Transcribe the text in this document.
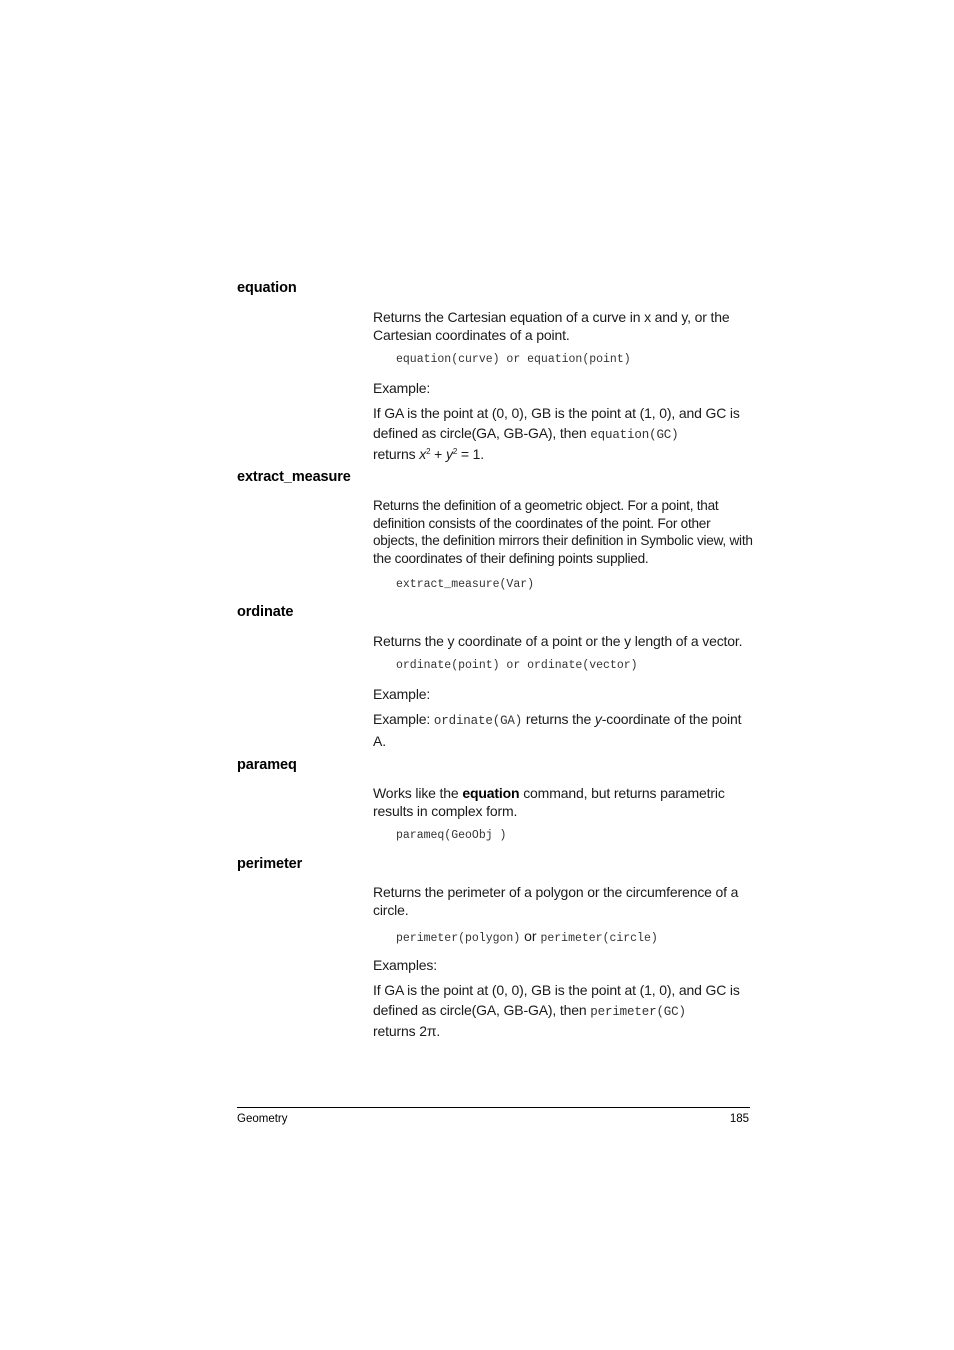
equation

Returns the Cartesian equation of a curve in x and y, or the Cartesian coordinates of a point.

equation(curve) or equation(point)

Example:

If GA is the point at (0, 0), GB is the point at (1, 0), and GC is defined as circle(GA, GB-GA), then equation(GC)
returns $x^2 + y^2 = 1$.

extract_measure

Returns the definition of a geometric object. For a point, that definition consists of the coordinates of the point. For other objects, the definition mirrors their definition in Symbolic view, with the coordinates of their defining points supplied.

extract_measure(Var)

ordinate

Returns the y coordinate of a point or the y length of a vector.

ordinate(point) or ordinate(vector)

Example:

Example: ordinate(GA) returns the y-coordinate of the point A.

parameq

Works like the equation command, but returns parametric results in complex form.

parameq(GeoObj )

perimeter

Returns the perimeter of a polygon or the circumference of a circle.

perimeter(polygon) or perimeter(circle)

Examples:

If GA is the point at (0, 0), GB is the point at (1, 0), and GC is defined as circle(GA, GB-GA), then perimeter(GC)
returns 2π.

Geometry	185
